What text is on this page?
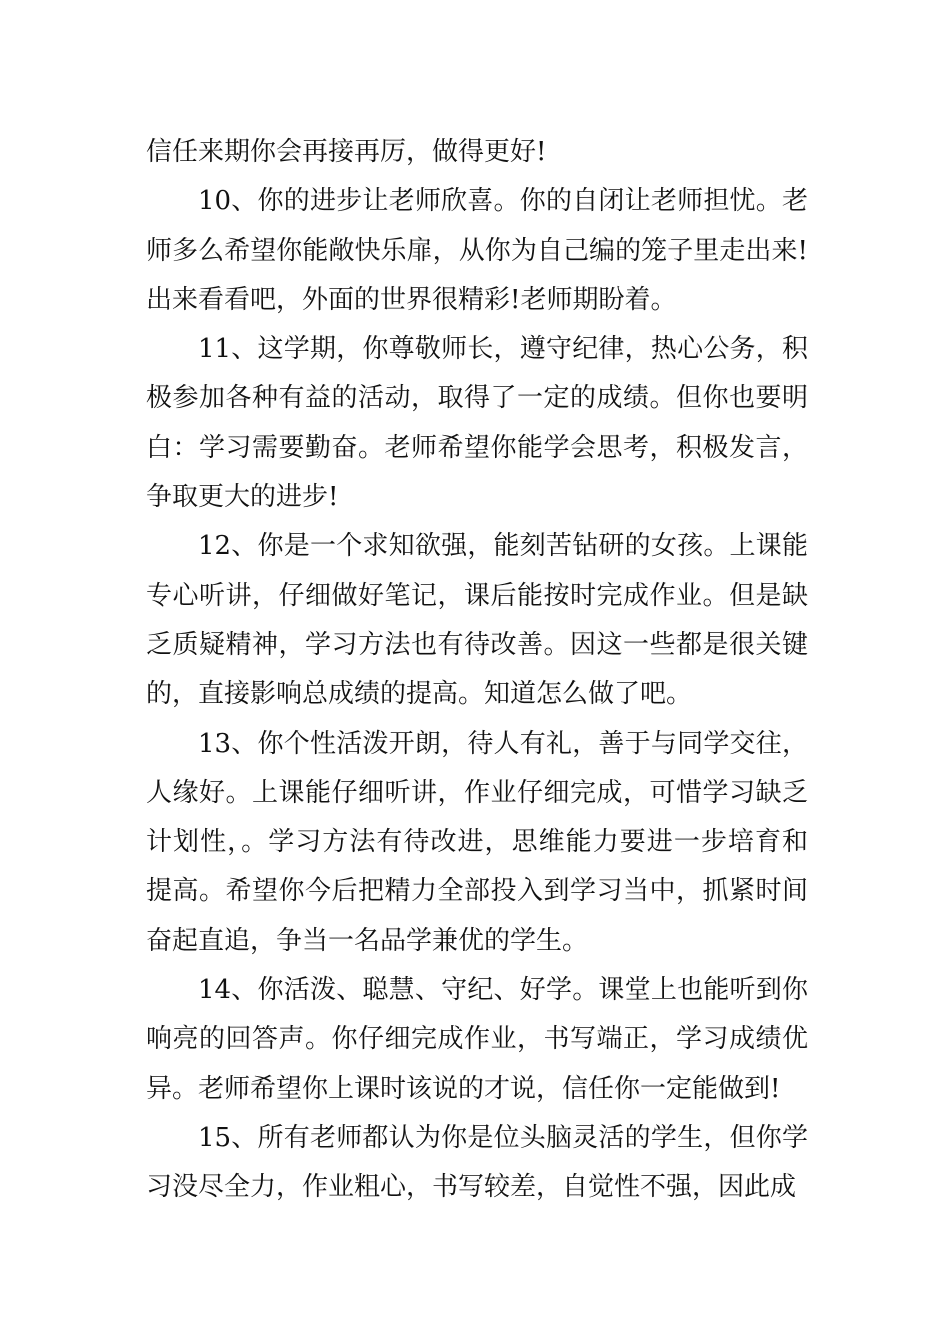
信任来期你会再接再厉，做得更好!

10、你的进步让老师欣喜。你的自闭让老师担忧。老师多么希望你能敞快乐扉，从你为自己编的笼子里走出来!出来看看吧，外面的世界很精彩!老师期盼着。

11、这学期，你尊敬师长，遵守纪律，热心公务，积极参加各种有益的活动，取得了一定的成绩。但你也要明白：学习需要勤奋。老师希望你能学会思考，积极发言，争取更大的进步!

12、你是一个求知欲强，能刻苦钻研的女孩。上课能专心听讲，仔细做好笔记，课后能按时完成作业。但是缺乏质疑精神，学习方法也有待改善。因这一些都是很关键的，直接影响总成绩的提高。知道怎么做了吧。

13、你个性活泼开朗，待人有礼，善于与同学交往，人缘好。上课能仔细听讲，作业仔细完成，可惜学习缺乏计划性，。学习方法有待改进，思维能力要进一步培育和提高。希望你今后把精力全部投入到学习当中，抓紧时间奋起直追，争当一名品学兼优的学生。

14、你活泼、聪慧、守纪、好学。课堂上也能听到你响亮的回答声。你仔细完成作业，书写端正，学习成绩优异。老师希望你上课时该说的才说，信任你一定能做到!

15、所有老师都认为你是位头脑灵活的学生，但你学习没尽全力，作业粗心，书写较差，自觉性不强，因此成
